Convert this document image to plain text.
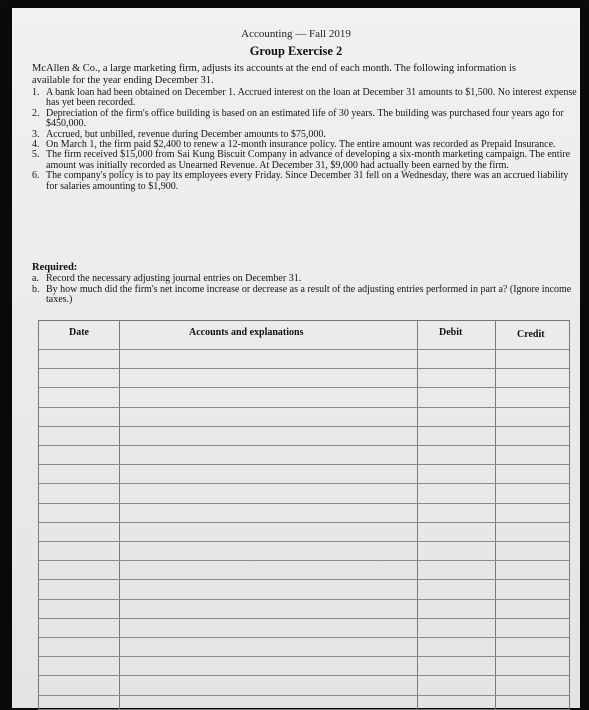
Accounting — Fall 2019
Group Exercise 2
McAllen & Co., a large marketing firm, adjusts its accounts at the end of each month. The following information is available for the year ending December 31.
1. A bank loan had been obtained on December 1. Accrued interest on the loan at December 31 amounts to $1,500. No interest expense has yet been recorded.
2. Depreciation of the firm's office building is based on an estimated life of 30 years. The building was purchased four years ago for $450,000.
3. Accrued, but unbilled, revenue during December amounts to $75,000.
4. On March 1, the firm paid $2,400 to renew a 12-month insurance policy. The entire amount was recorded as Prepaid Insurance.
5. The firm received $15,000 from Sai Kung Biscuit Company in advance of developing a six-month marketing campaign. The entire amount was initially recorded as Unearned Revenue. At December 31, $9,000 had actually been earned by the firm.
6. The company's policy is to pay its employees every Friday. Since December 31 fell on a Wednesday, there was an accrued liability for salaries amounting to $1,900.
Required:
a. Record the necessary adjusting journal entries on December 31.
b. By how much did the firm's net income increase or decrease as a result of the adjusting entries performed in part a? (Ignore income taxes.)
Date	Accounts and explanations	Debit	Credit
